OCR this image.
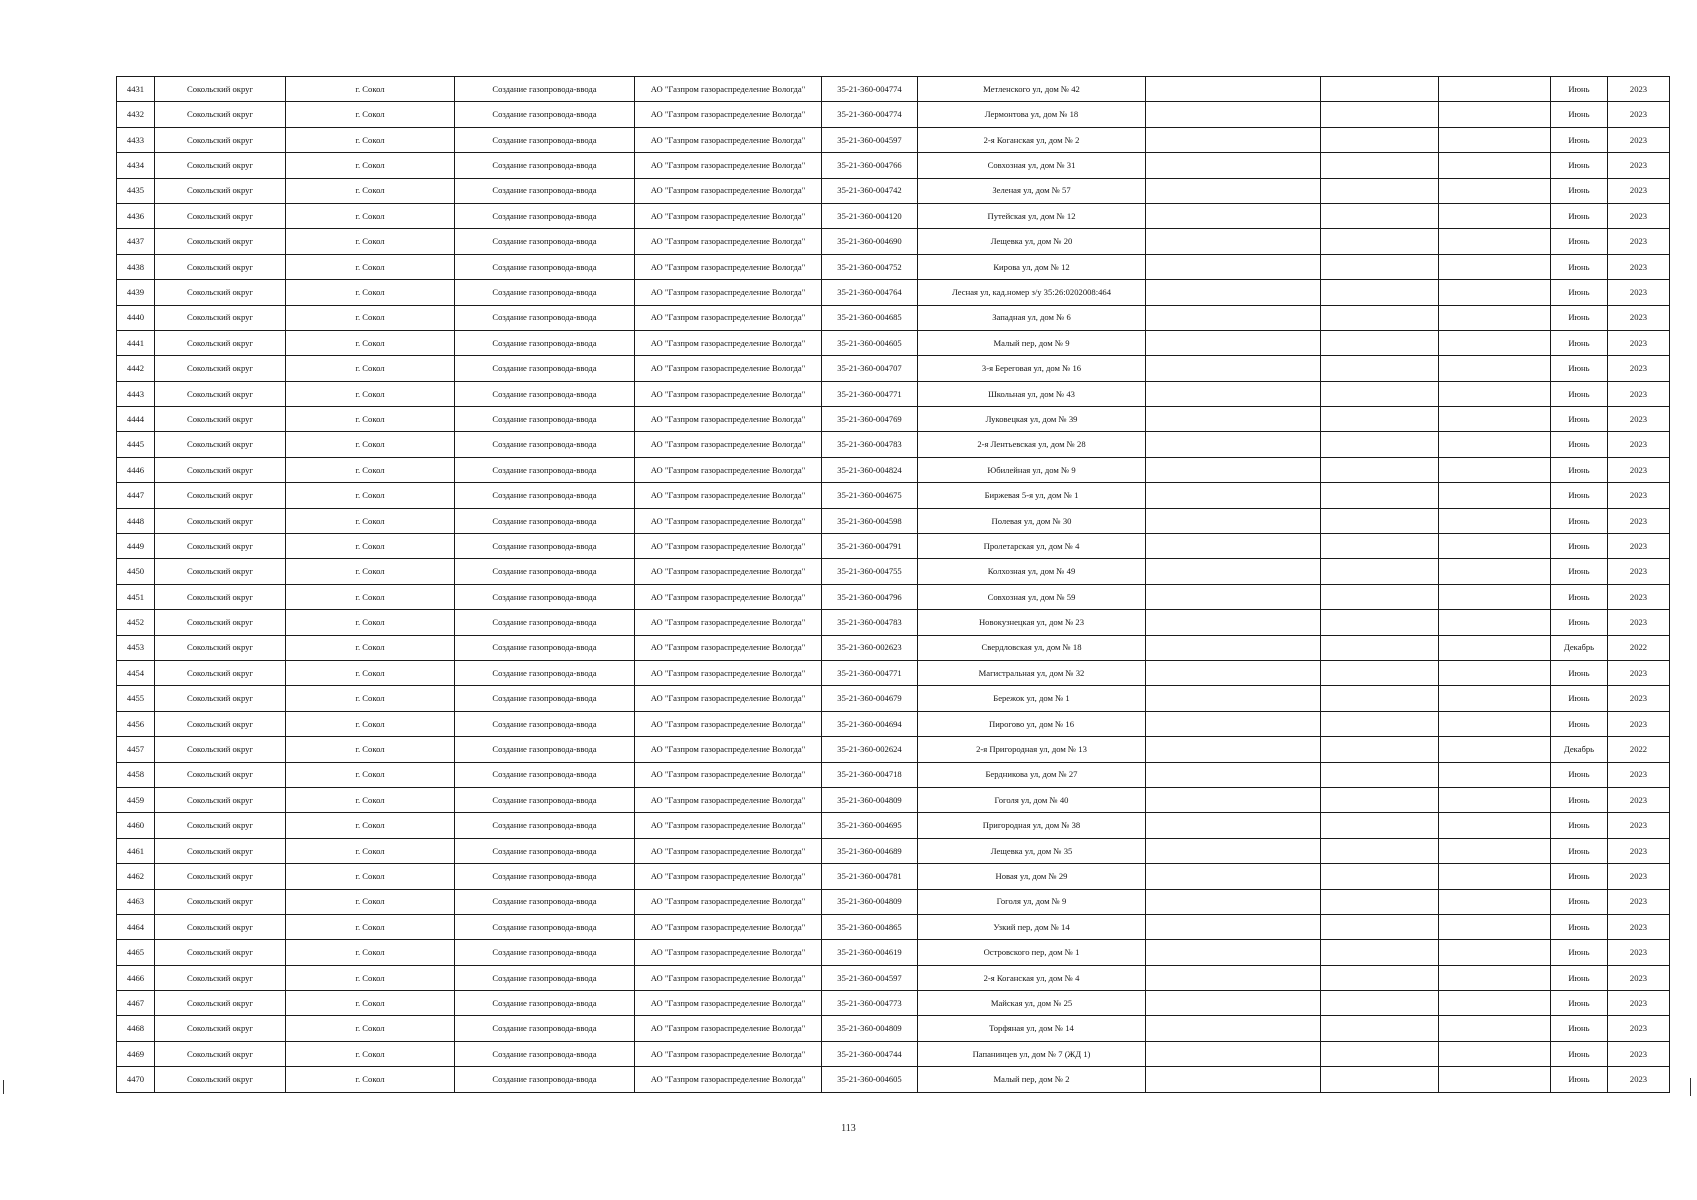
4431	Сокольский округ	г. Сокол	Создание газопровода-ввода	АО "Газпром газораспределение Вологда"	35-21-360-004774	Метленского ул, дом № 42				Июнь	2023
4432	Сокольский округ	г. Сокол	Создание газопровода-ввода	АО "Газпром газораспределение Вологда"	35-21-360-004774	Лермонтова ул, дом № 18				Июнь	2023
4433	Сокольский округ	г. Сокол	Создание газопровода-ввода	АО "Газпром газораспределение Вологда"	35-21-360-004597	2-я Коганская ул, дом № 2				Июнь	2023
4434	Сокольский округ	г. Сокол	Создание газопровода-ввода	АО "Газпром газораспределение Вологда"	35-21-360-004766	Совхозная ул, дом № 31				Июнь	2023
4435	Сокольский округ	г. Сокол	Создание газопровода-ввода	АО "Газпром газораспределение Вологда"	35-21-360-004742	Зеленая ул, дом № 57				Июнь	2023
4436	Сокольский округ	г. Сокол	Создание газопровода-ввода	АО "Газпром газораспределение Вологда"	35-21-360-004120	Путейская ул, дом № 12				Июнь	2023
4437	Сокольский округ	г. Сокол	Создание газопровода-ввода	АО "Газпром газораспределение Вологда"	35-21-360-004690	Лещевка ул, дом № 20				Июнь	2023
4438	Сокольский округ	г. Сокол	Создание газопровода-ввода	АО "Газпром газораспределение Вологда"	35-21-360-004752	Кирова ул, дом № 12				Июнь	2023
4439	Сокольский округ	г. Сокол	Создание газопровода-ввода	АО "Газпром газораспределение Вологда"	35-21-360-004764	Лесная ул, кад.номер з/у 35:26:0202008:464				Июнь	2023
4440	Сокольский округ	г. Сокол	Создание газопровода-ввода	АО "Газпром газораспределение Вологда"	35-21-360-004685	Западная ул, дом № 6				Июнь	2023
4441	Сокольский округ	г. Сокол	Создание газопровода-ввода	АО "Газпром газораспределение Вологда"	35-21-360-004605	Малый пер, дом № 9				Июнь	2023
4442	Сокольский округ	г. Сокол	Создание газопровода-ввода	АО "Газпром газораспределение Вологда"	35-21-360-004707	3-я Береговая ул, дом № 16				Июнь	2023
4443	Сокольский округ	г. Сокол	Создание газопровода-ввода	АО "Газпром газораспределение Вологда"	35-21-360-004771	Школьная ул, дом № 43				Июнь	2023
4444	Сокольский округ	г. Сокол	Создание газопровода-ввода	АО "Газпром газораспределение Вологда"	35-21-360-004769	Луковецкая ул, дом № 39				Июнь	2023
4445	Сокольский округ	г. Сокол	Создание газопровода-ввода	АО "Газпром газораспределение Вологда"	35-21-360-004783	2-я Лентьевская ул, дом № 28				Июнь	2023
4446	Сокольский округ	г. Сокол	Создание газопровода-ввода	АО "Газпром газораспределение Вологда"	35-21-360-004824	Юбилейная ул, дом № 9				Июнь	2023
4447	Сокольский округ	г. Сокол	Создание газопровода-ввода	АО "Газпром газораспределение Вологда"	35-21-360-004675	Биржевая 5-я ул, дом № 1				Июнь	2023
4448	Сокольский округ	г. Сокол	Создание газопровода-ввода	АО "Газпром газораспределение Вологда"	35-21-360-004598	Полевая ул, дом № 30				Июнь	2023
4449	Сокольский округ	г. Сокол	Создание газопровода-ввода	АО "Газпром газораспределение Вологда"	35-21-360-004791	Пролетарская ул, дом № 4				Июнь	2023
4450	Сокольский округ	г. Сокол	Создание газопровода-ввода	АО "Газпром газораспределение Вологда"	35-21-360-004755	Колхозная ул, дом № 49				Июнь	2023
4451	Сокольский округ	г. Сокол	Создание газопровода-ввода	АО "Газпром газораспределение Вологда"	35-21-360-004796	Совхозная ул, дом № 59				Июнь	2023
4452	Сокольский округ	г. Сокол	Создание газопровода-ввода	АО "Газпром газораспределение Вологда"	35-21-360-004783	Новокузнецкая ул, дом № 23				Июнь	2023
4453	Сокольский округ	г. Сокол	Создание газопровода-ввода	АО "Газпром газораспределение Вологда"	35-21-360-002623	Свердловская ул, дом № 18				Декабрь	2022
4454	Сокольский округ	г. Сокол	Создание газопровода-ввода	АО "Газпром газораспределение Вологда"	35-21-360-004771	Магистральная ул, дом № 32				Июнь	2023
4455	Сокольский округ	г. Сокол	Создание газопровода-ввода	АО "Газпром газораспределение Вологда"	35-21-360-004679	Бережок ул, дом № 1				Июнь	2023
4456	Сокольский округ	г. Сокол	Создание газопровода-ввода	АО "Газпром газораспределение Вологда"	35-21-360-004694	Пирогово ул, дом № 16				Июнь	2023
4457	Сокольский округ	г. Сокол	Создание газопровода-ввода	АО "Газпром газораспределение Вологда"	35-21-360-002624	2-я Пригородная ул, дом № 13				Декабрь	2022
4458	Сокольский округ	г. Сокол	Создание газопровода-ввода	АО "Газпром газораспределение Вологда"	35-21-360-004718	Бердникова ул, дом № 27				Июнь	2023
4459	Сокольский округ	г. Сокол	Создание газопровода-ввода	АО "Газпром газораспределение Вологда"	35-21-360-004809	Гоголя ул, дом № 40				Июнь	2023
4460	Сокольский округ	г. Сокол	Создание газопровода-ввода	АО "Газпром газораспределение Вологда"	35-21-360-004695	Пригородная ул, дом № 38				Июнь	2023
4461	Сокольский округ	г. Сокол	Создание газопровода-ввода	АО "Газпром газораспределение Вологда"	35-21-360-004689	Лещевка ул, дом № 35				Июнь	2023
4462	Сокольский округ	г. Сокол	Создание газопровода-ввода	АО "Газпром газораспределение Вологда"	35-21-360-004781	Новая ул, дом № 29				Июнь	2023
4463	Сокольский округ	г. Сокол	Создание газопровода-ввода	АО "Газпром газораспределение Вологда"	35-21-360-004809	Гоголя ул, дом № 9				Июнь	2023
4464	Сокольский округ	г. Сокол	Создание газопровода-ввода	АО "Газпром газораспределение Вологда"	35-21-360-004865	Узкий пер, дом № 14				Июнь	2023
4465	Сокольский округ	г. Сокол	Создание газопровода-ввода	АО "Газпром газораспределение Вологда"	35-21-360-004619	Островского пер, дом № 1				Июнь	2023
4466	Сокольский округ	г. Сокол	Создание газопровода-ввода	АО "Газпром газораспределение Вологда"	35-21-360-004597	2-я Коганская ул, дом № 4				Июнь	2023
4467	Сокольский округ	г. Сокол	Создание газопровода-ввода	АО "Газпром газораспределение Вологда"	35-21-360-004773	Майская ул, дом № 25				Июнь	2023
4468	Сокольский округ	г. Сокол	Создание газопровода-ввода	АО "Газпром газораспределение Вологда"	35-21-360-004809	Торфяная ул, дом № 14				Июнь	2023
4469	Сокольский округ	г. Сокол	Создание газопровода-ввода	АО "Газпром газораспределение Вологда"	35-21-360-004744	Папанинцев ул, дом № 7 (ЖД 1)				Июнь	2023
4470	Сокольский округ	г. Сокол	Создание газопровода-ввода	АО "Газпром газораспределение Вологда"	35-21-360-004605	Малый пер, дом № 2				Июнь	2023
113
